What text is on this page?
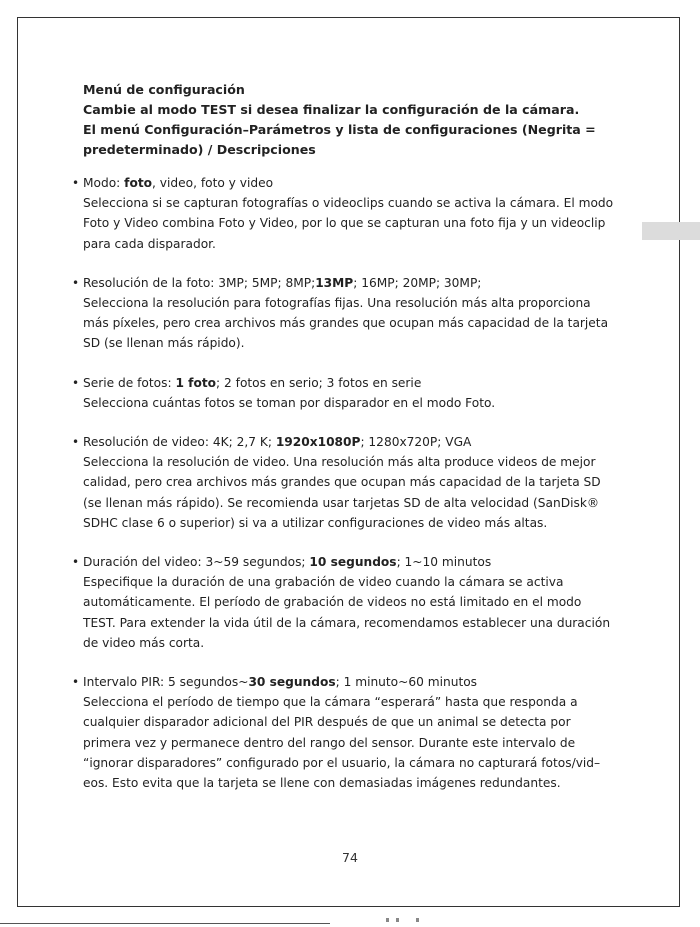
Menú de configuración

Cambie al modo TEST si desea finalizar la configuración de la cámara.

El menú Configuración–Parámetros y lista de configuraciones (Negrita =

predeterminado) / Descripciones

• Modo: foto, video, foto y video

Selecciona si se capturan fotografías o videoclips cuando se activa la cámara. El modo

Foto y Video combina Foto y Video, por lo que se capturan una foto fija y un videoclip

para cada disparador.

• Resolución de la foto: 3MP; 5MP; 8MP;13MP; 16MP; 20MP; 30MP;

Selecciona la resolución para fotografías fijas. Una resolución más alta proporciona

más píxeles, pero crea archivos más grandes que ocupan más capacidad de la tarjeta

SD (se llenan más rápido).

• Serie de fotos: 1 foto; 2 fotos en serio; 3 fotos en serie

Selecciona cuántas fotos se toman por disparador en el modo Foto.

• Resolución de video: 4K; 2,7 K; 1920x1080P; 1280x720P; VGA

Selecciona la resolución de video. Una resolución más alta produce videos de mejor

calidad, pero crea archivos más grandes que ocupan más capacidad de la tarjeta SD

(se llenan más rápido). Se recomienda usar tarjetas SD de alta velocidad (SanDisk®

SDHC clase 6 o superior) si va a utilizar configuraciones de video más altas.

• Duración del video: 3~59 segundos; 10 segundos; 1~10 minutos

Especifique la duración de una grabación de video cuando la cámara se activa

automáticamente. El período de grabación de videos no está limitado en el modo

TEST. Para extender la vida útil de la cámara, recomendamos establecer una duración

de video más corta.

• Intervalo PIR: 5 segundos~30 segundos; 1 minuto~60 minutos

Selecciona el período de tiempo que la cámara “esperará” hasta que responda a

cualquier disparador adicional del PIR después de que un animal se detecta por

primera vez y permanece dentro del rango del sensor. Durante este intervalo de

“ignorar disparadores” configurado por el usuario, la cámara no capturará fotos/vid–

eos. Esto evita que la tarjeta se llene con demasiadas imágenes redundantes.

74
